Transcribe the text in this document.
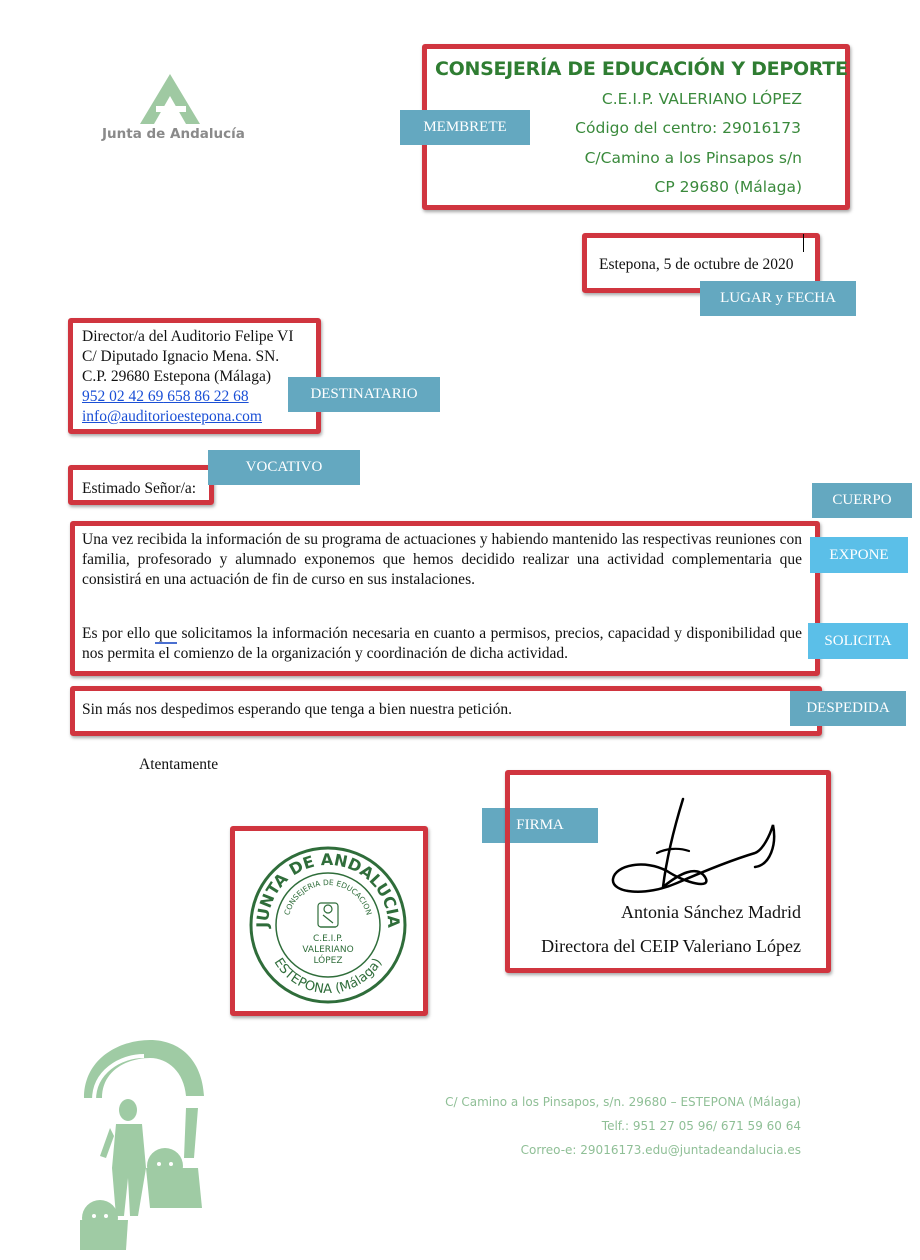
Junta de Andalucía
CONSEJERÍA DE EDUCACIÓN Y DEPORTE
C.E.I.P. VALERIANO LÓPEZ
Código del centro: 29016173
C/Camino a los Pinsapos s/n
CP 29680 (Málaga)
MEMBRETE
Estepona, 5 de octubre de 2020
LUGAR y FECHA
Director/a del Auditorio Felipe VI
C/ Diputado Ignacio Mena. SN.
C.P. 29680 Estepona (Málaga)
952 02 42 69 658 86 22 68
info@auditorioestepona.com
DESTINATARIO
Estimado Señor/a:
VOCATIVO
CUERPO
Una vez recibida la información de su programa de actuaciones y habiendo mantenido las respectivas reuniones con familia, profesorado y alumnado exponemos que hemos decidido realizar una actividad complementaria que consistirá en una actuación de fin de curso en sus instalaciones.
Es por ello que solicitamos la información necesaria en cuanto a permisos, precios, capacidad y disponibilidad que nos permita el comienzo de la organización y coordinación de dicha actividad.
EXPONE
SOLICITA
Sin más nos despedimos esperando que tenga a bien nuestra petición.	DESPEDIDA
Atentamente
JUNTA DE ANDALUCIA
CONSEJERIA DE EDUCACION
ESTEPONA (Málaga)
C.E.I.P.
VALERIANO
LÓPEZ
FIRMA
Antonia Sánchez Madrid
Directora del CEIP Valeriano López
C/ Camino a los Pinsapos, s/n. 29680 – ESTEPONA (Málaga)
Telf.: 951 27 05 96/ 671 59 60 64
Correo-e: 29016173.edu@juntadeandalucia.es
